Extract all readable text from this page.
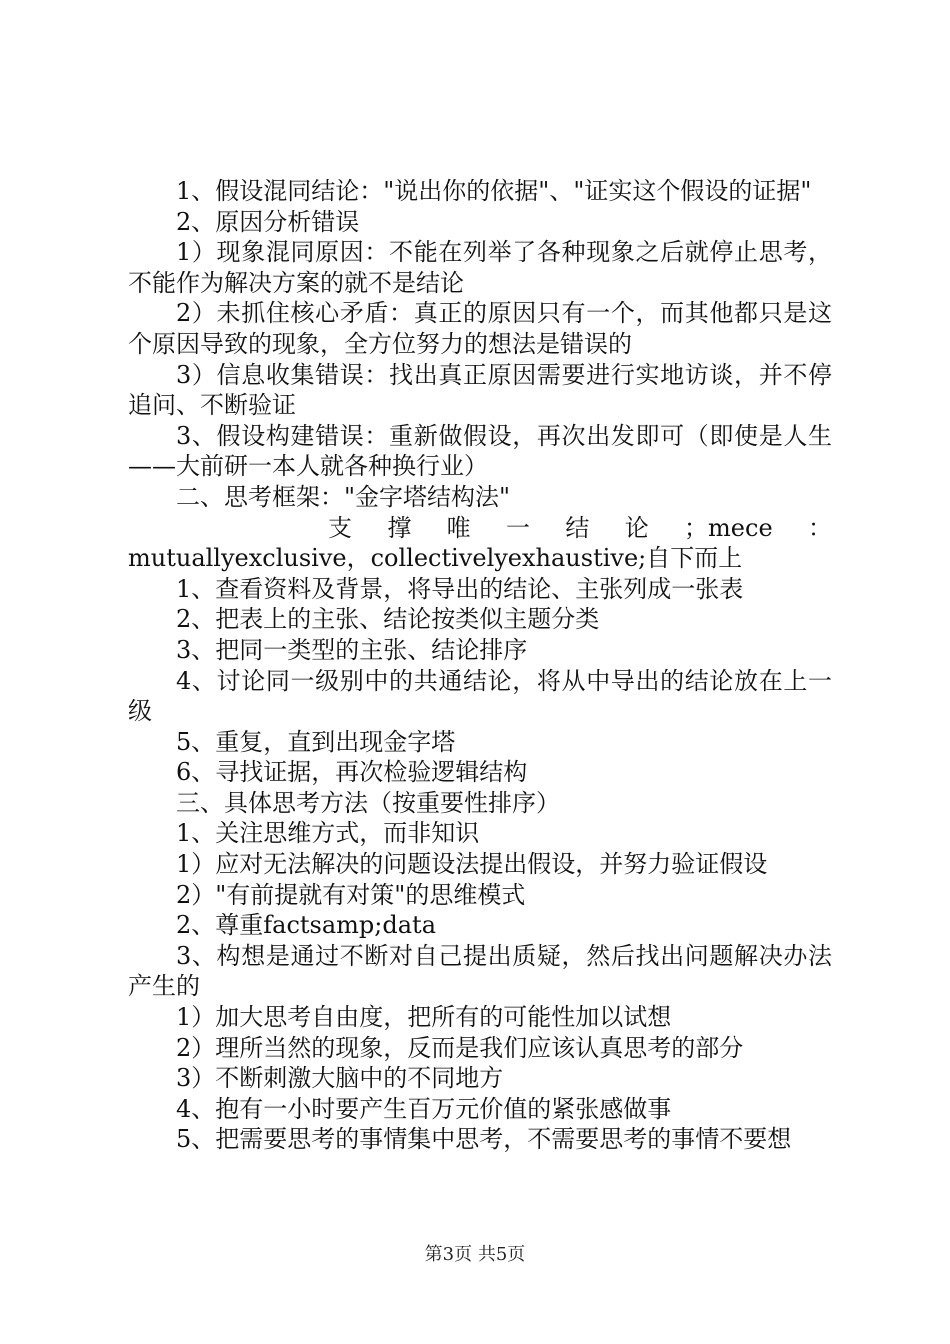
1、假设混同结论："说出你的依据"、"证实这个假设的证据"

2、原因分析错误

1）现象混同原因：不能在列举了各种现象之后就停止思考，不能作为解决方案的就不是结论

2）未抓住核心矛盾：真正的原因只有一个，而其他都只是这个原因导致的现象，全方位努力的想法是错误的

3）信息收集错误：找出真正原因需要进行实地访谈，并不停追问、不断验证

3、假设构建错误：重新做假设，再次出发即可（即使是人生——大前研一本人就各种换行业）

二、思考框架："金字塔结构法"

支撑唯一结论；mece：

mutuallyexclusive，collectivelyexhaustive;自下而上

1、查看资料及背景，将导出的结论、主张列成一张表

2、把表上的主张、结论按类似主题分类

3、把同一类型的主张、结论排序

4、讨论同一级别中的共通结论，将从中导出的结论放在上一级

5、重复，直到出现金字塔

6、寻找证据，再次检验逻辑结构

三、具体思考方法（按重要性排序）

1、关注思维方式，而非知识

1）应对无法解决的问题设法提出假设，并努力验证假设

2）"有前提就有对策"的思维模式

2、尊重factsamp;data

3、构想是通过不断对自己提出质疑，然后找出问题解决办法产生的

1）加大思考自由度，把所有的可能性加以试想

2）理所当然的现象，反而是我们应该认真思考的部分

3）不断刺激大脑中的不同地方

4、抱有一小时要产生百万元价值的紧张感做事

5、把需要思考的事情集中思考，不需要思考的事情不要想

第3页 共5页
